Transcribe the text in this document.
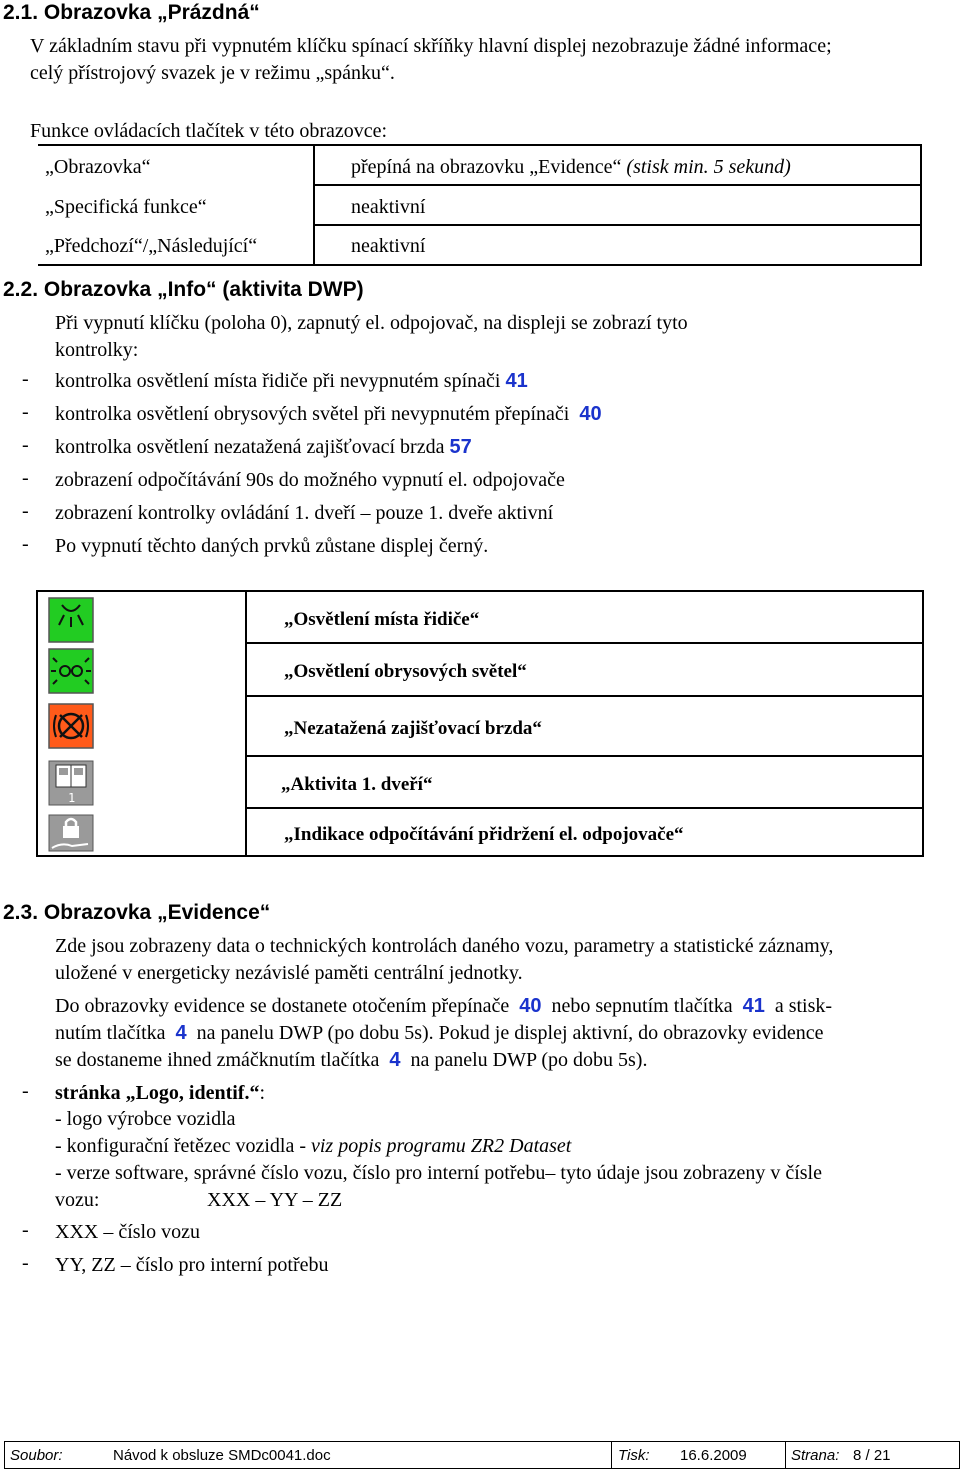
2.1. Obrazovka „Prázdná“
V základním stavu při vypnutém klíčku spínací skříňky hlavní displej nezobrazuje žádné informace;
celý přístrojový svazek je v režimu „spánku“.
Funkce ovládacích tlačítek v této obrazovce:
„Obrazovka“	přepíná na obrazovku „Evidence“ (stisk min. 5 sekund)
„Specifická funkce“	neaktivní
„Předchozí“/„Následující“	neaktivní
2.2. Obrazovka „Info“ (aktivita DWP)
Při vypnutí klíčku (poloha 0), zapnutý el. odpojovač, na displeji se zobrazí tyto
kontrolky:
- kontrolka osvětlení místa řidiče při nevypnutém spínači 41
- kontrolka osvětlení obrysových světel při nevypnutém přepínači 40
- kontrolka osvětlení nezatažená zajišťovací brzda 57
- zobrazení odpočítávání 90s do možného vypnutí el. odpojovače
- zobrazení kontrolky ovládání 1. dveří – pouze 1. dveře aktivní
- Po vypnutí těchto daných prvků zůstane displej černý.
1
„Osvětlení místa řidiče“
„Osvětlení obrysových světel“
„Nezatažená zajišťovací brzda“
„Aktivita 1. dveří“
„Indikace odpočítávání přidržení el. odpojovače“
2.3. Obrazovka „Evidence“
Zde jsou zobrazeny data o technických kontrolách daného vozu, parametry a statistické záznamy,
uložené v energeticky nezávislé paměti centrální jednotky.
Do obrazovky evidence se dostanete otočením přepínače 40 nebo sepnutím tlačítka 41 a stisk-
nutím tlačítka 4 na panelu DWP (po dobu 5s). Pokud je displej aktivní, do obrazovky evidence
se dostaneme ihned zmáčknutím tlačítka 4 na panelu DWP (po dobu 5s).
- stránka „Logo, identif.“:
- logo výrobce vozidla
- konfigurační řetězec vozidla - viz popis programu ZR2 Dataset
- verze software, správné číslo vozu, číslo pro interní potřebu– tyto údaje jsou zobrazeny v čísle
vozu:	XXX – YY – ZZ
- XXX – číslo vozu
- YY, ZZ – číslo pro interní potřebu
Soubor:	Návod k obsluze SMDc0041.doc	Tisk: 16.6.2009	Strana: 8 / 21
